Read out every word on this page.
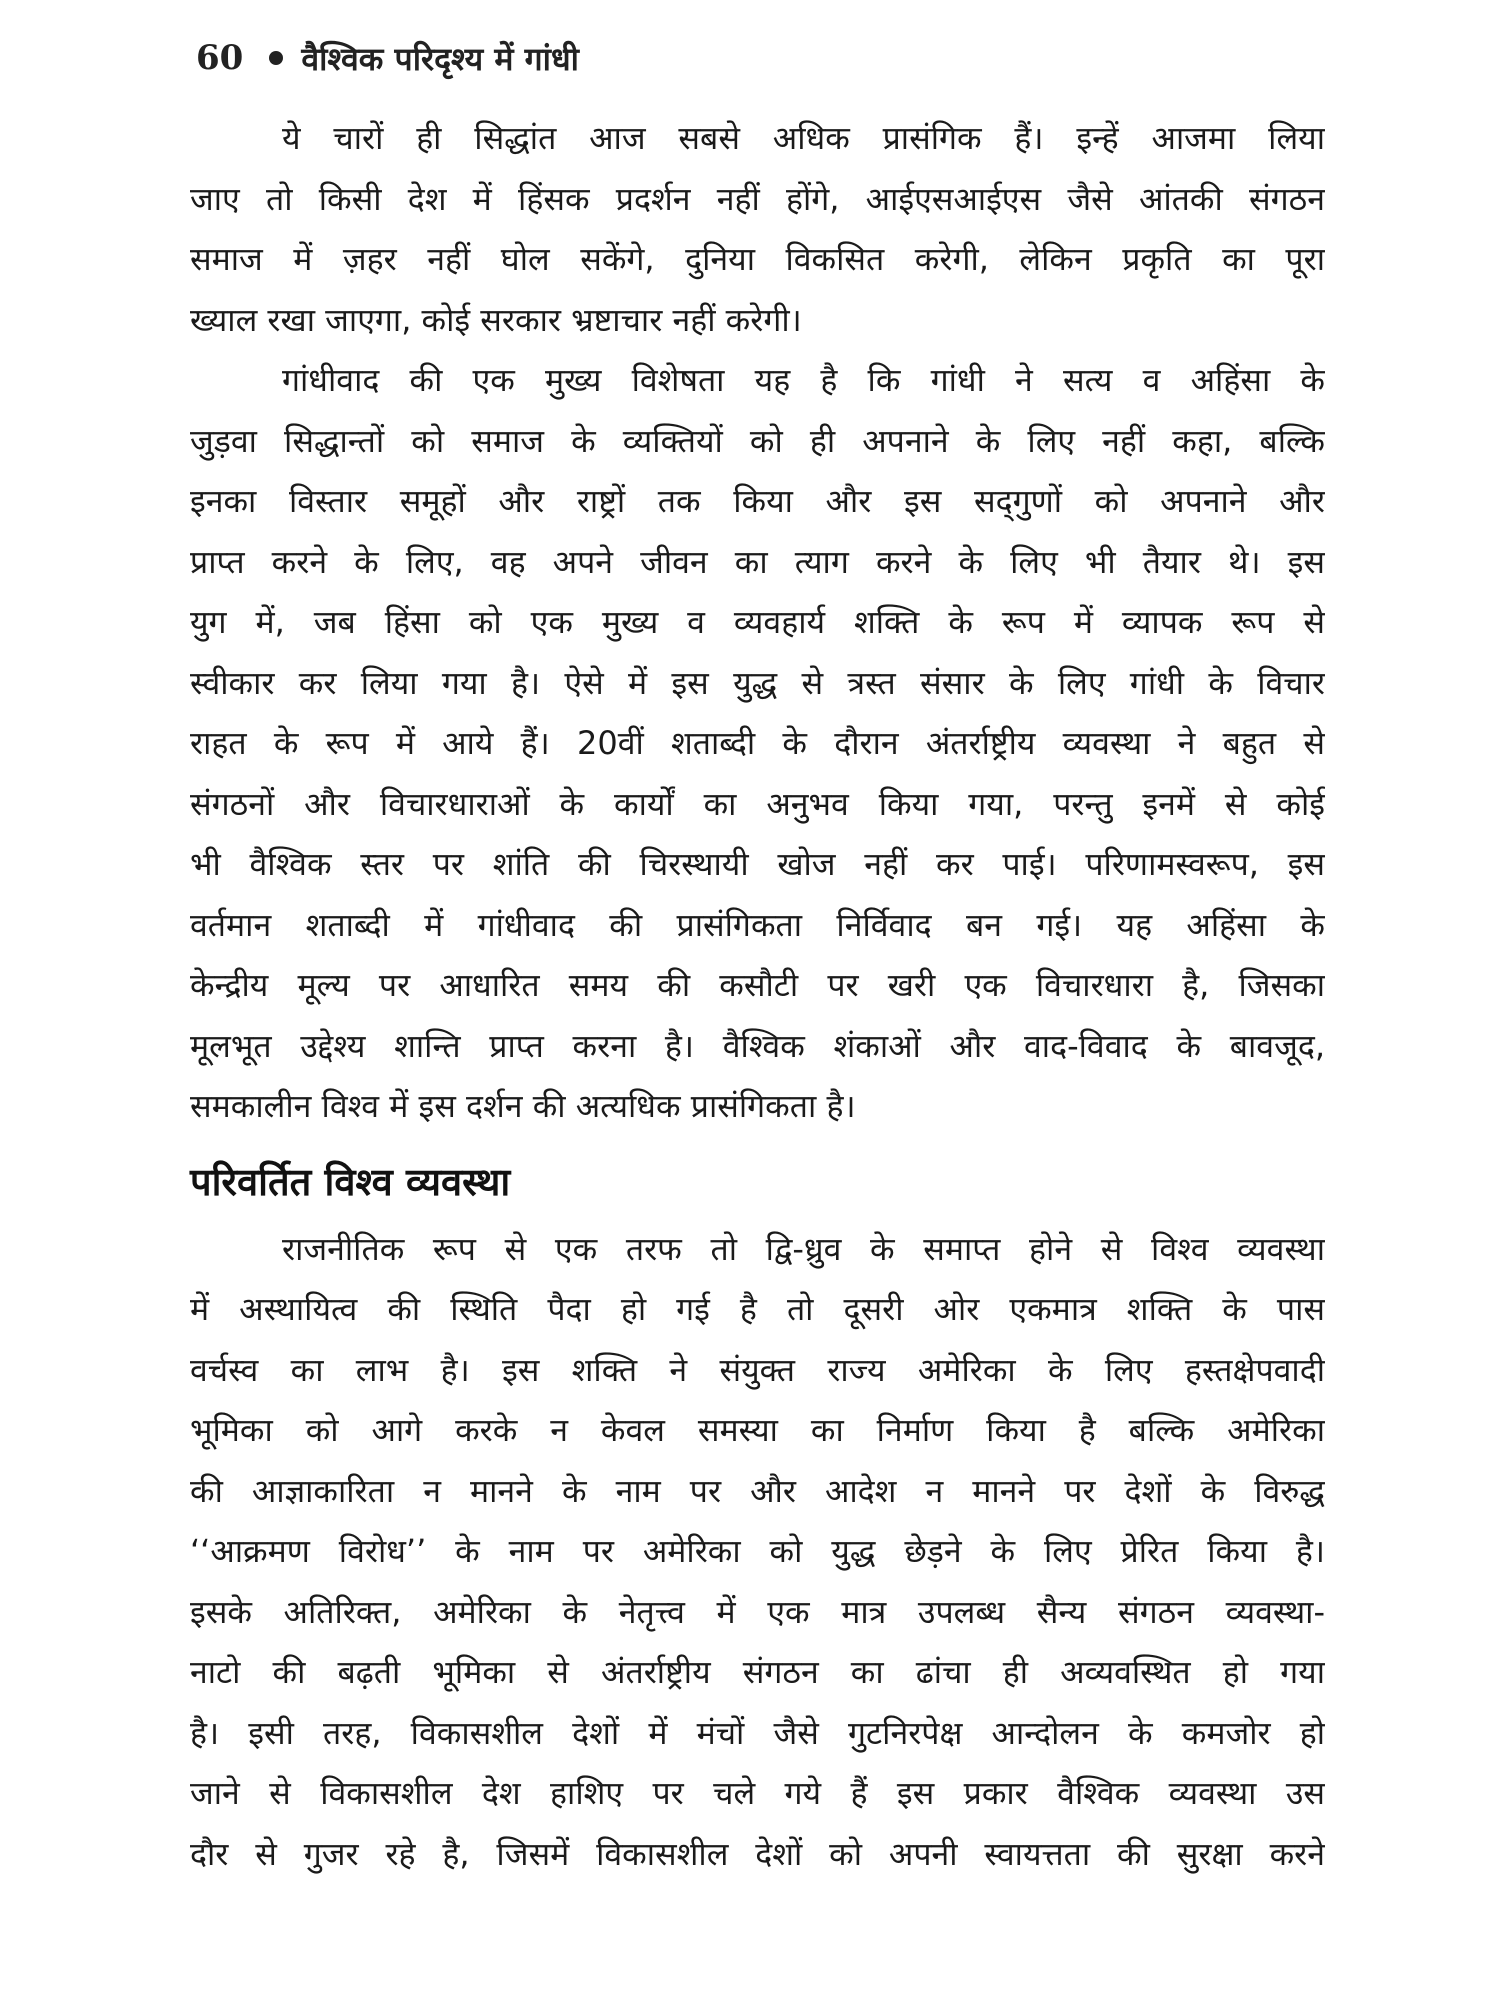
60 वैश्विक परिदृश्य में गांधी
ये चारों ही सिद्धांत आज सबसे अधिक प्रासंगिक हैं। इन्हें आजमा लिया
जाए तो किसी देश में हिंसक प्रदर्शन नहीं होंगे, आईएसआईएस जैसे आंतकी संगठन
समाज में ज़हर नहीं घोल सकेंगे, दुनिया विकसित करेगी, लेकिन प्रकृति का पूरा
ख्याल रखा जाएगा, कोई सरकार भ्रष्टाचार नहीं करेगी।
गांधीवाद की एक मुख्य विशेषता यह है कि गांधी ने सत्य व अहिंसा के
जुड़वा सिद्धान्तों को समाज के व्यक्तियों को ही अपनाने के लिए नहीं कहा, बल्कि
इनका विस्तार समूहों और राष्ट्रों तक किया और इस सद्‌गुणों को अपनाने और
प्राप्त करने के लिए, वह अपने जीवन का त्याग करने के लिए भी तैयार थे। इस
युग में, जब हिंसा को एक मुख्य व व्यवहार्य शक्ति के रूप में व्यापक रूप से
स्वीकार कर लिया गया है। ऐसे में इस युद्ध से त्रस्त संसार के लिए गांधी के विचार
राहत के रूप में आये हैं। 20वीं शताब्दी के दौरान अंतर्राष्ट्रीय व्यवस्था ने बहुत से
संगठनों और विचारधाराओं के कार्यों का अनुभव किया गया, परन्तु इनमें से कोई
भी वैश्विक स्तर पर शांति की चिरस्थायी खोज नहीं कर पाई। परिणामस्वरूप, इस
वर्तमान शताब्दी में गांधीवाद की प्रासंगिकता निर्विवाद बन गई। यह अहिंसा के
केन्द्रीय मूल्य पर आधारित समय की कसौटी पर खरी एक विचारधारा है, जिसका
मूलभूत उद्देश्य शान्ति प्राप्त करना है। वैश्विक शंकाओं और वाद-विवाद के बावजूद,
समकालीन विश्व में इस दर्शन की अत्यधिक प्रासंगिकता है।
परिवर्तित विश्व व्यवस्था
राजनीतिक रूप से एक तरफ तो द्वि-ध्रुव के समाप्त होने से विश्व व्यवस्था
में अस्थायित्व की स्थिति पैदा हो गई है तो दूसरी ओर एकमात्र शक्ति के पास
वर्चस्व का लाभ है। इस शक्ति ने संयुक्त राज्य अमेरिका के लिए हस्तक्षेपवादी
भूमिका को आगे करके न केवल समस्या का निर्माण किया है बल्कि अमेरिका
की आज्ञाकारिता न मानने के नाम पर और आदेश न मानने पर देशों के विरुद्ध
‘‘आक्रमण विरोध’’ के नाम पर अमेरिका को युद्ध छेड़ने के लिए प्रेरित किया है।
इसके अतिरिक्त, अमेरिका के नेतृत्त्व में एक मात्र उपलब्ध सैन्य संगठन व्यवस्था-
नाटो की बढ़ती भूमिका से अंतर्राष्ट्रीय संगठन का ढांचा ही अव्यवस्थित हो गया
है। इसी तरह, विकासशील देशों में मंचों जैसे गुटनिरपेक्ष आन्दोलन के कमजोर हो
जाने से विकासशील देश हाशिए पर चले गये हैं इस प्रकार वैश्विक व्यवस्था उस
दौर से गुजर रहे है, जिसमें विकासशील देशों को अपनी स्वायत्तता की सुरक्षा करने
